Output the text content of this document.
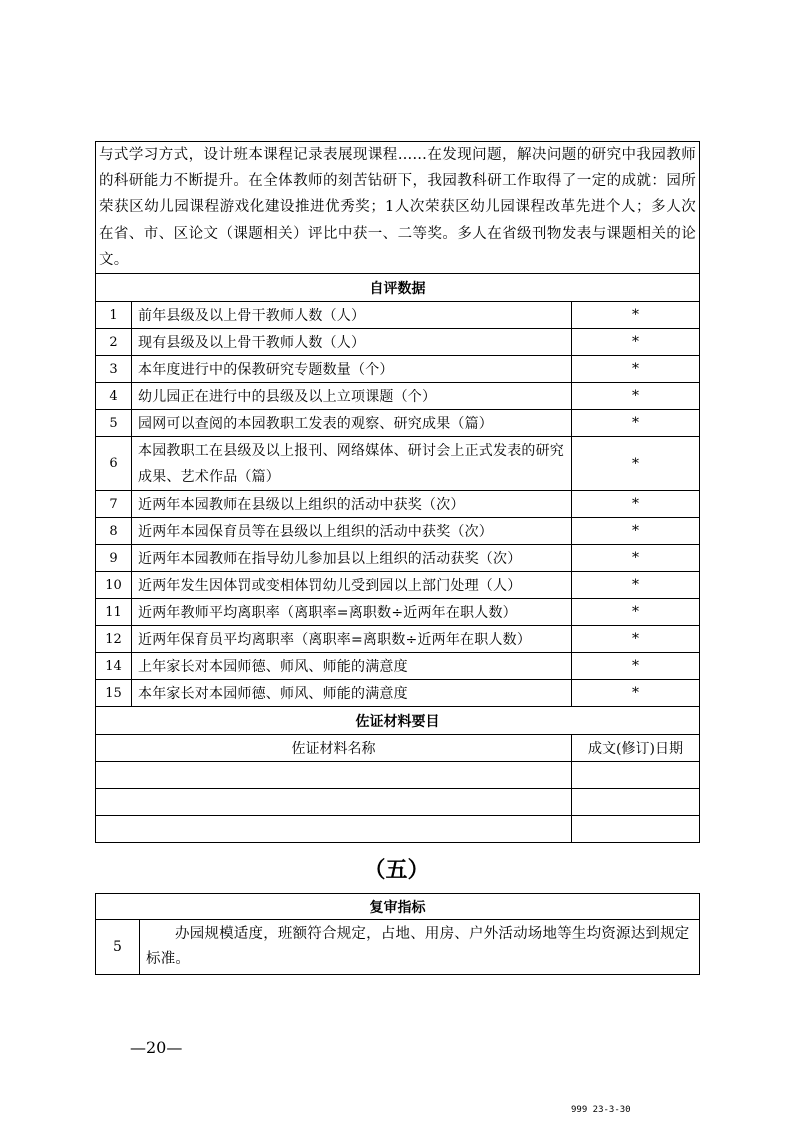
与式学习方式，设计班本课程记录表展现课程……在发现问题，解决问题的研究中我园教师的科研能力不断提升。在全体教师的刻苦钻研下，我园教科研工作取得了一定的成就：园所荣获区幼儿园课程游戏化建设推进优秀奖；1人次荣获区幼儿园课程改革先进个人；多人次在省、市、区论文（课题相关）评比中获一、二等奖。多人在省级刊物发表与课题相关的论文。		
自评数据		
1	前年县级及以上骨干教师人数（人）	*
2	现有县级及以上骨干教师人数（人）	*
3	本年度进行中的保教研究专题数量（个）	*
4	幼儿园正在进行中的县级及以上立项课题（个）	*
5	园网可以查阅的本园教职工发表的观察、研究成果（篇）	*
6	本园教职工在县级及以上报刊、网络媒体、研讨会上正式发表的研究成果、艺术作品（篇）	*
7	近两年本园教师在县级以上组织的活动中获奖（次）	*
8	近两年本园保育员等在县级以上组织的活动中获奖（次）	*
9	近两年本园教师在指导幼儿参加县以上组织的活动获奖（次）	*
10	近两年发生因体罚或变相体罚幼儿受到园以上部门处理（人）	*
11	近两年教师平均离职率（离职率=离职数÷近两年在职人数）	*
12	近两年保育员平均离职率（离职率=离职数÷近两年在职人数）	*
14	上年家长对本园师德、师风、师能的满意度	*
15	本年家长对本园师德、师风、师能的满意度	*
佐证材料要目		
佐证材料名称		成文(修订)日期

（五）
复审指标
5	办园规模适度，班额符合规定，占地、用房、户外活动场地等生均资源达到规定标准。
—20—
999 23-3-30
